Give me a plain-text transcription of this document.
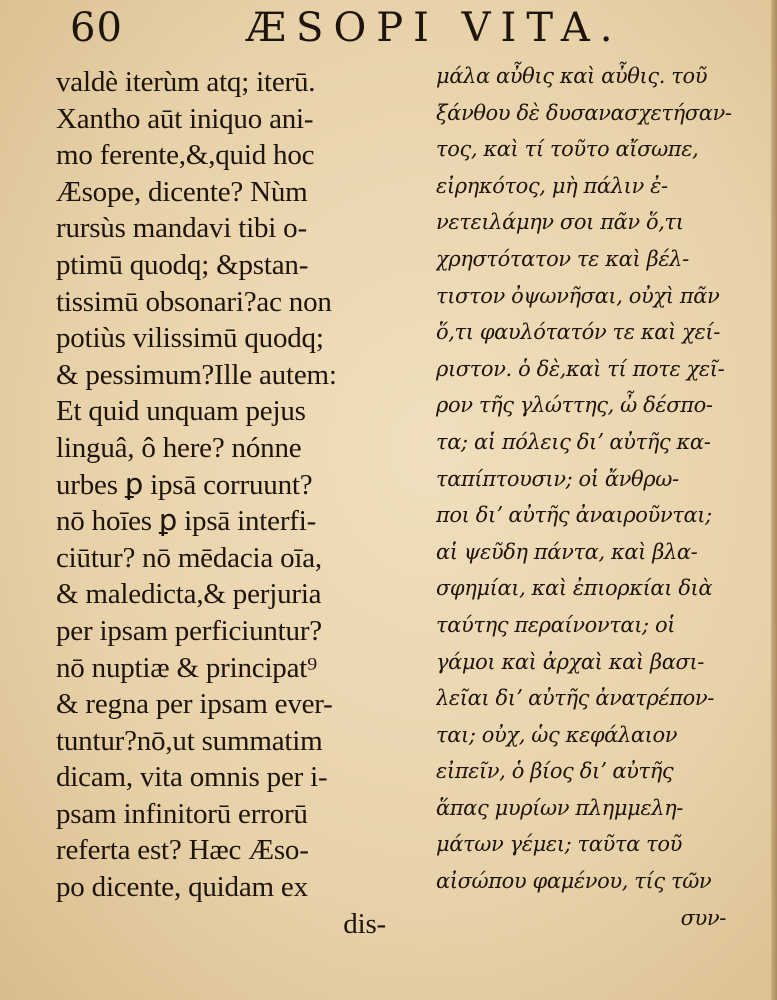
60	ÆSOPI VITA.
valdè iterùm atq; iterū.
Xantho aūt iniquo ani-
mo ferente,&,quid hoc
Æsope, dicente? Nùm
rursùs mandavi tibi o-
ptimū quodq; &pstan-
tissimū obsonari?ac non
potiùs vilissimū quodq;
& pessimum?Ille autem:
Et quid unquam pejus
linguâ, ô here? nónne
urbes ꝑ ipsā corruunt?
nō hoīes ꝑ ipsā interfi-
ciūtur? nō mēdacia oīa,
& maledicta,& perjuria
per ipsam perficiuntur?
nō nuptiæ & principat⁹
& regna per ipsam ever-
tuntur?nō,ut summatim
dicam, vita omnis per i-
psam infinitorū errorū
referta est? Hæc Æso-
po dicente, quidam ex
dis-
μάλα αὖθις καὶ αὖθις. τοῦ
ξάνθου δὲ δυσανασχετήσαν-
τος, καὶ τί τοῦτο αἴσωπε,
εἰρηκότος, μὴ πάλιν ἐ-
νετειλάμην σοι πᾶν ὅ,τι
χρηστότατον τε καὶ βέλ-
τιστον ὀψωνῆσαι, οὐχὶ πᾶν
ὅ,τι φαυλότατόν τε καὶ χεί-
ριστον. ὁ δὲ,καὶ τί ποτε χεῖ-
ρον τῆς γλώττης, ὦ δέσπο-
τα; αἱ πόλεις διʼ αὐτῆς κα-
ταπίπτουσιν; οἱ ἄνθρω-
ποι διʼ αὐτῆς ἀναιροῦνται;
αἱ ψεῦδη πάντα, καὶ βλα-
σφημίαι, καὶ ἐπιορκίαι διὰ
ταύτης περαίνονται; οἱ
γάμοι καὶ ἀρχαὶ καὶ βασι-
λεῖαι διʼ αὐτῆς ἀνατρέπον-
ται; οὐχ, ὡς κεφάλαιον
εἰπεῖν, ὁ βίος διʼ αὐτῆς
ἅπας μυρίων πλημμελη-
μάτων γέμει; ταῦτα τοῦ
αἰσώπου φαμένου, τίς τῶν
συν-
